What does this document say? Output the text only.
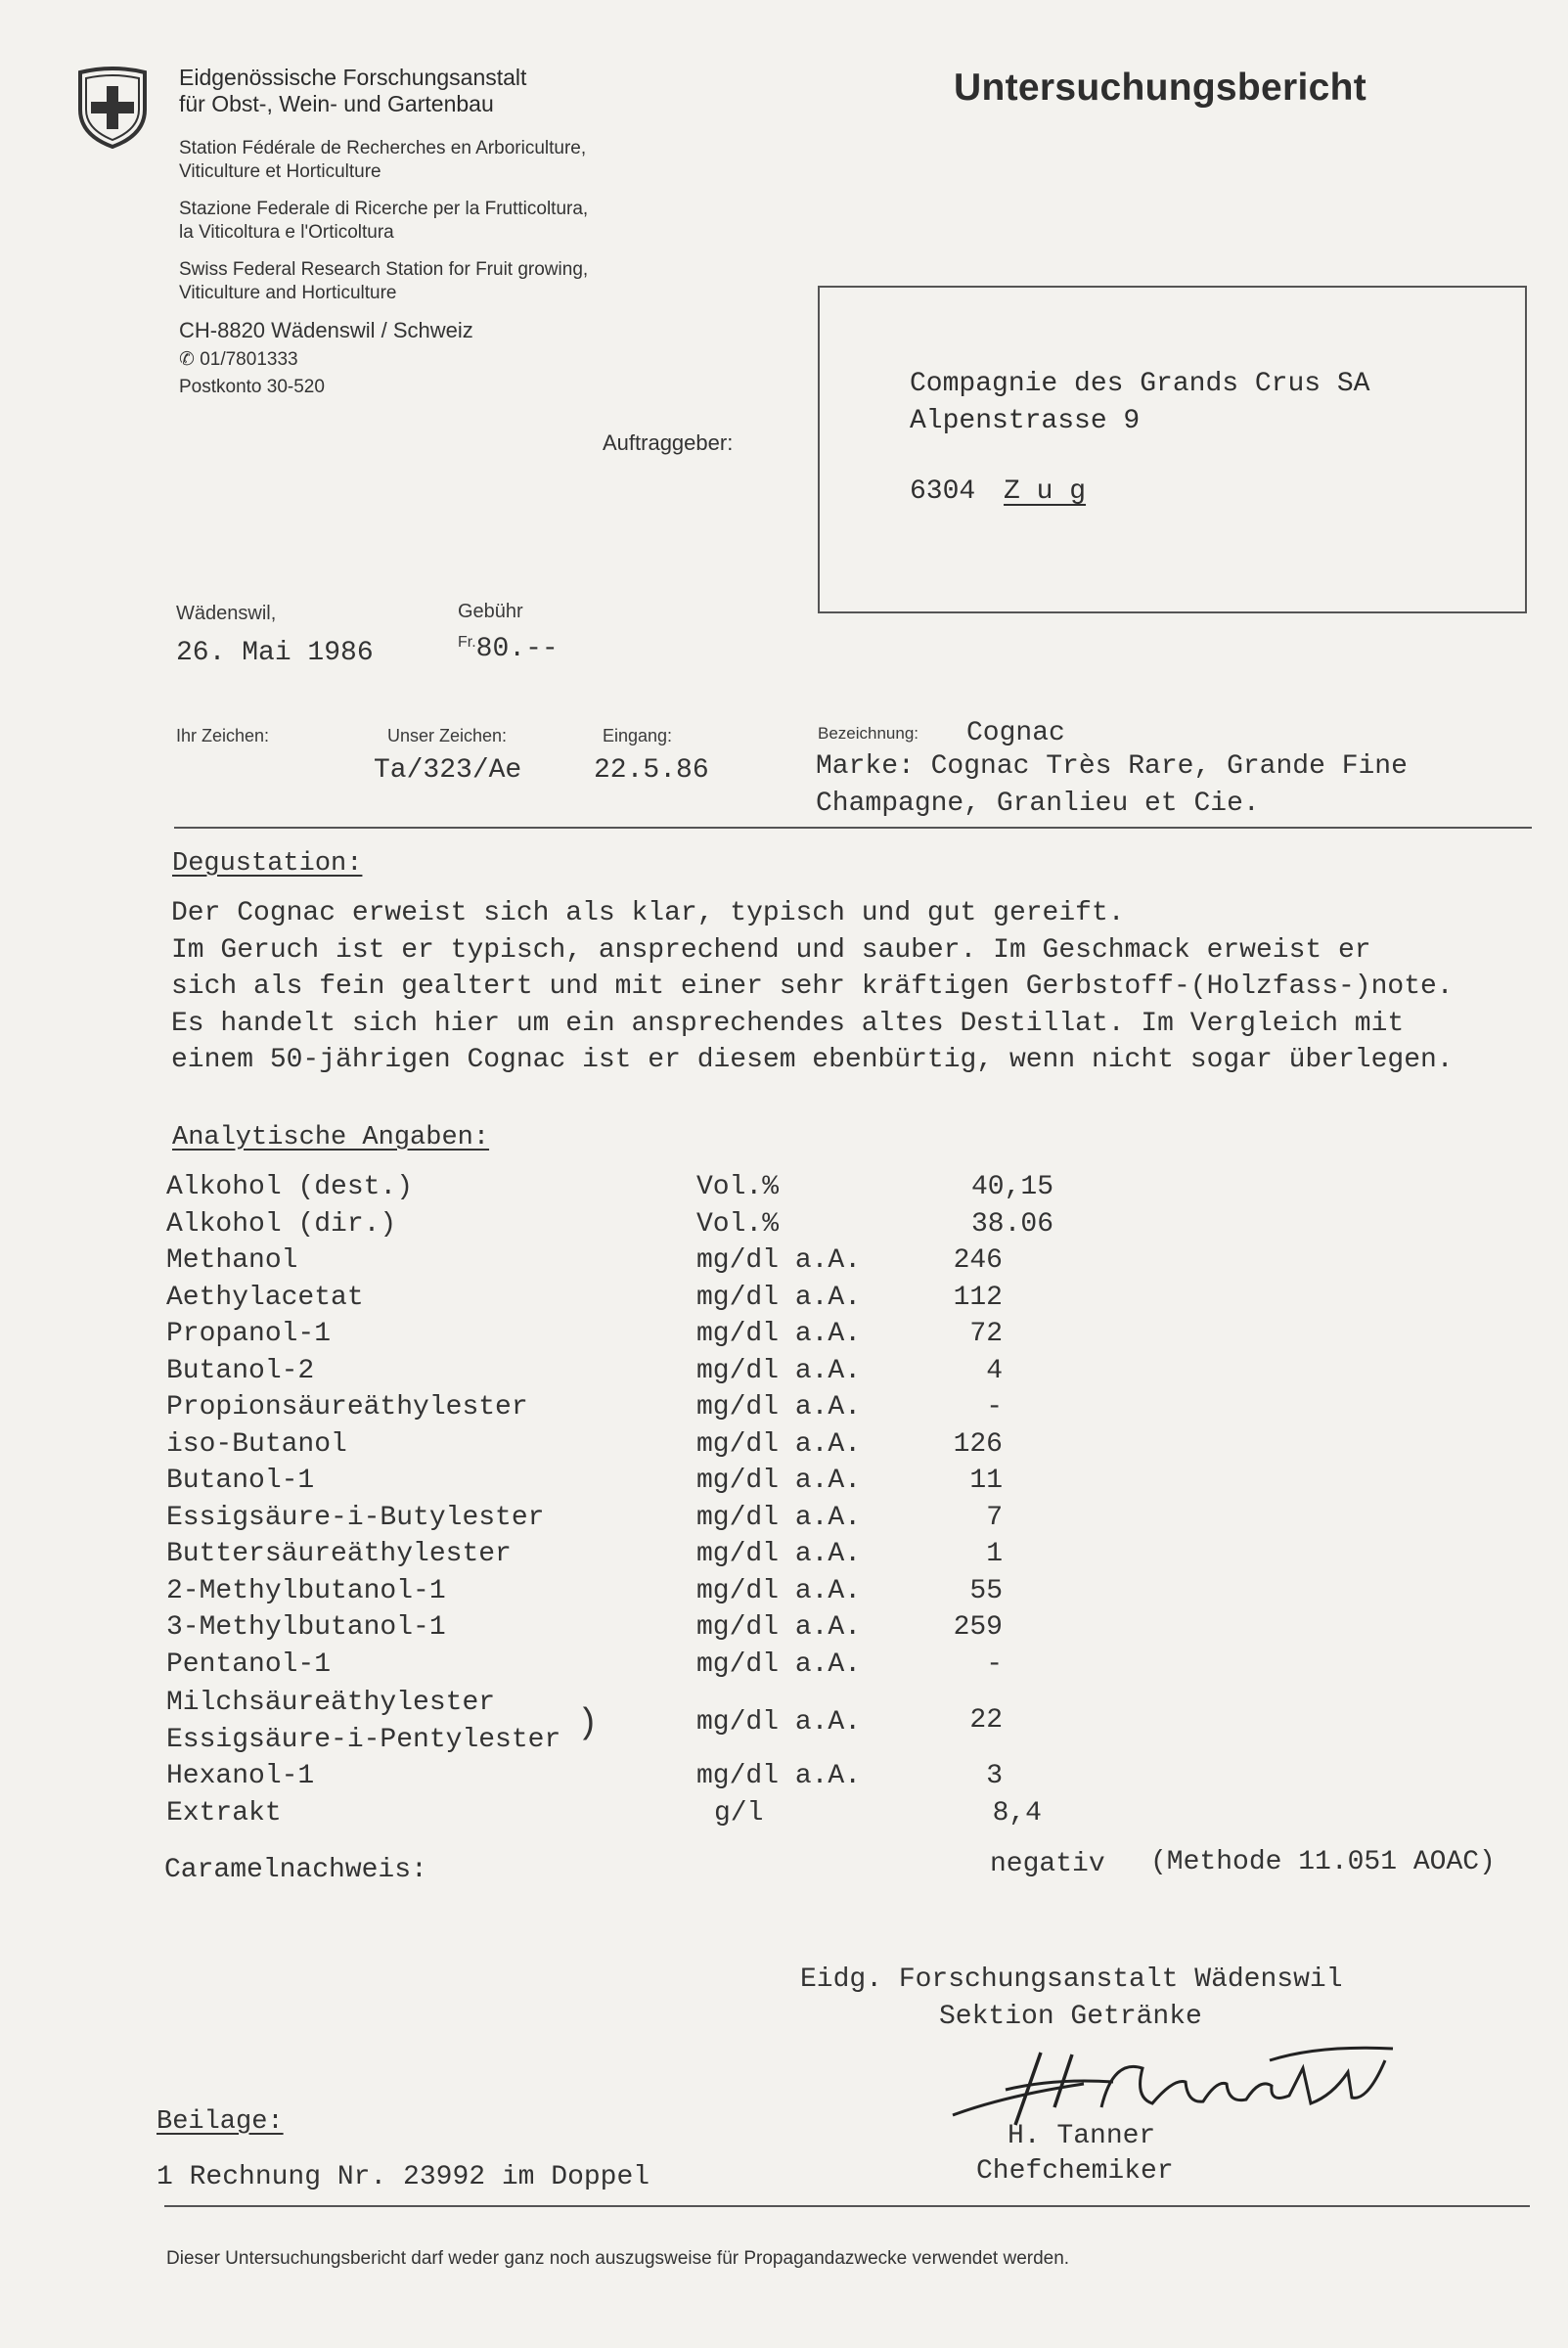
Eidgenössische Forschungsanstalt
für Obst-, Wein- und Gartenbau
Station Fédérale de Recherches en Arboriculture,
Viticulture et Horticulture
Stazione Federale di Ricerche per la Frutticoltura,
la Viticoltura e l'Orticoltura
Swiss Federal Research Station for Fruit growing,
Viticulture and Horticulture
CH-8820 Wädenswil / Schweiz
✆ 01/7801333
Postkonto 30-520
Untersuchungsbericht
Auftraggeber:
Compagnie des Grands Crus SA
Alpenstrasse 9
6304 Z u g
Wädenswil,
26. Mai 1986
Gebühr
Fr.80.--
Ihr Zeichen:	Unser Zeichen:
Ta/323/Ae
Eingang:
22.5.86
Bezeichnung: Cognac
Marke: Cognac Très Rare, Grande Fine
Champagne, Granlieu et Cie.
Degustation:
Der Cognac erweist sich als klar, typisch und gut gereift.
Im Geruch ist er typisch, ansprechend und sauber. Im Geschmack erweist er
sich als fein gealtert und mit einer sehr kräftigen Gerbstoff-(Holzfass-)note.
Es handelt sich hier um ein ansprechendes altes Destillat. Im Vergleich mit
einem 50-jährigen Cognac ist er diesem ebenbürtig, wenn nicht sogar überlegen.
Analytische Angaben:
Alkohol (dest.)	Vol.%	40,15
Alkohol (dir.)	Vol.%	38.06
Methanol	mg/dl a.A.	246
Aethylacetat	mg/dl a.A.	112
Propanol-1	mg/dl a.A.	72
Butanol-2	mg/dl a.A.	4
Propionsäureäthylester	mg/dl a.A.	-
iso-Butanol	mg/dl a.A.	126
Butanol-1	mg/dl a.A.	11
Essigsäure-i-Butylester	mg/dl a.A.	7
Buttersäureäthylester	mg/dl a.A.	1
2-Methylbutanol-1	mg/dl a.A.	55
3-Methylbutanol-1	mg/dl a.A.	259
Pentanol-1	mg/dl a.A.	-
Milchsäureäthylester
Essigsäure-i-Pentylester )	mg/dl a.A.	22
Hexanol-1	mg/dl a.A.	3
Extrakt	g/l	8,4
Caramelnachweis:	negativ (Methode 11.051 AOAC)
Eidg. Forschungsanstalt Wädenswil
Sektion Getränke
H. Tanner
Chefchemiker
Beilage:
1 Rechnung Nr. 23992 im Doppel
Dieser Untersuchungsbericht darf weder ganz noch auszugsweise für Propagandazwecke verwendet werden.
